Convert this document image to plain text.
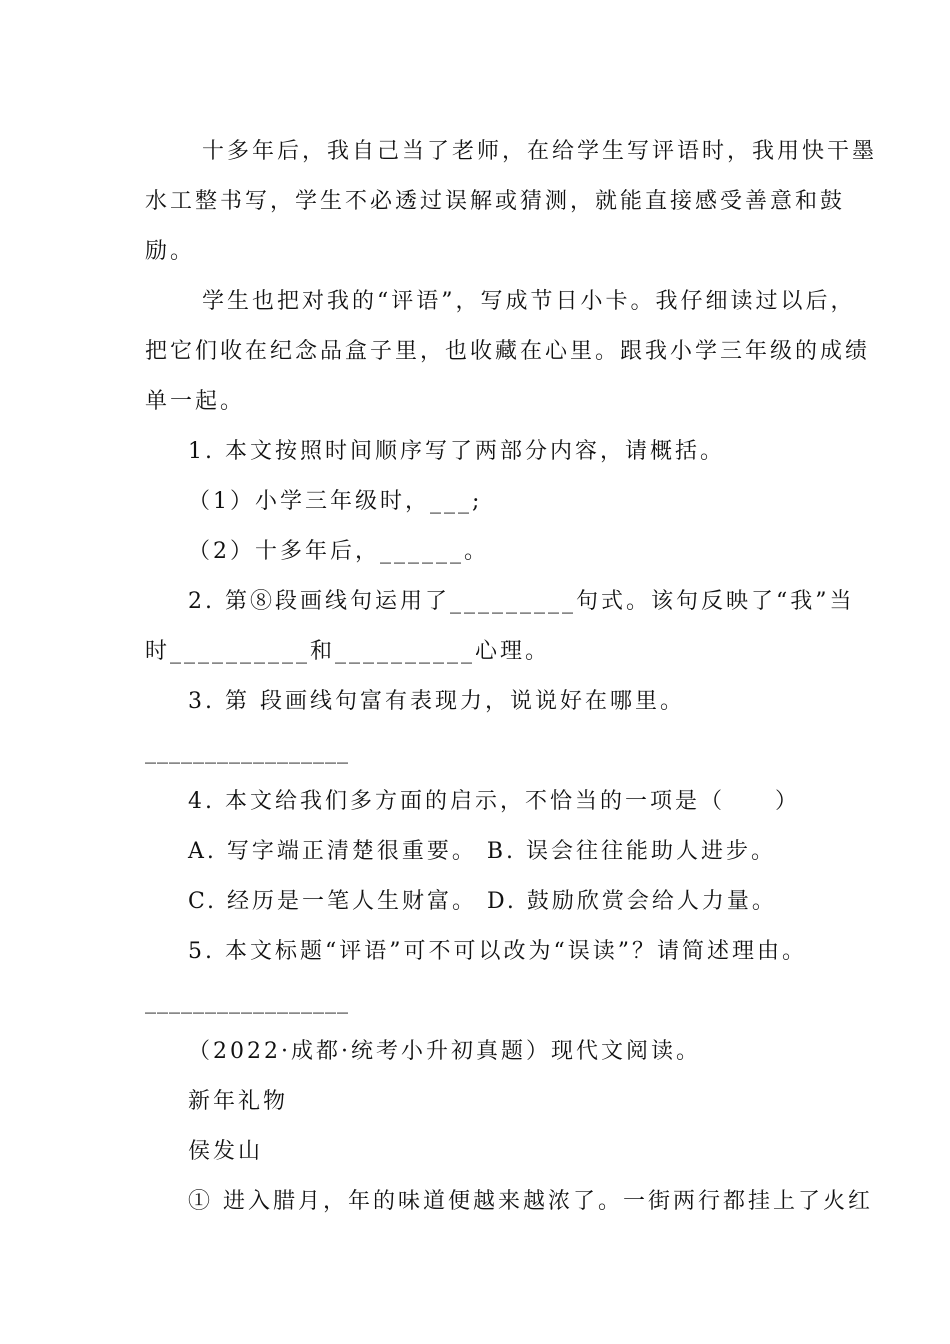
十多年后，我自己当了老师，在给学生写评语时，我用快干墨
水工整书写，学生不必透过误解或猜测，就能直接感受善意和鼓
励。
学生也把对我的“评语”，写成节日小卡。我仔细读过以后，
把它们收在纪念品盒子里，也收藏在心里。跟我小学三年级的成绩
单一起。
1. 本文按照时间顺序写了两部分内容，请概括。
（1）小学三年级时，___;
（2）十多年后，______。
2. 第⑧段画线句运用了_________句式。该句反映了“我”当
时__________和__________心理。
3. 第 段画线句富有表现力，说说好在哪里。
_________________
4. 本文给我们多方面的启示，不恰当的一项是（　　）
A. 写字端正清楚很重要。 B. 误会往往能助人进步。
C. 经历是一笔人生财富。 D. 鼓励欣赏会给人力量。
5. 本文标题“评语”可不可以改为“误读”？请简述理由。
_________________
（2022·成都·统考小升初真题）现代文阅读。
新年礼物
侯发山
① 进入腊月，年的味道便越来越浓了。一街两行都挂上了火红
